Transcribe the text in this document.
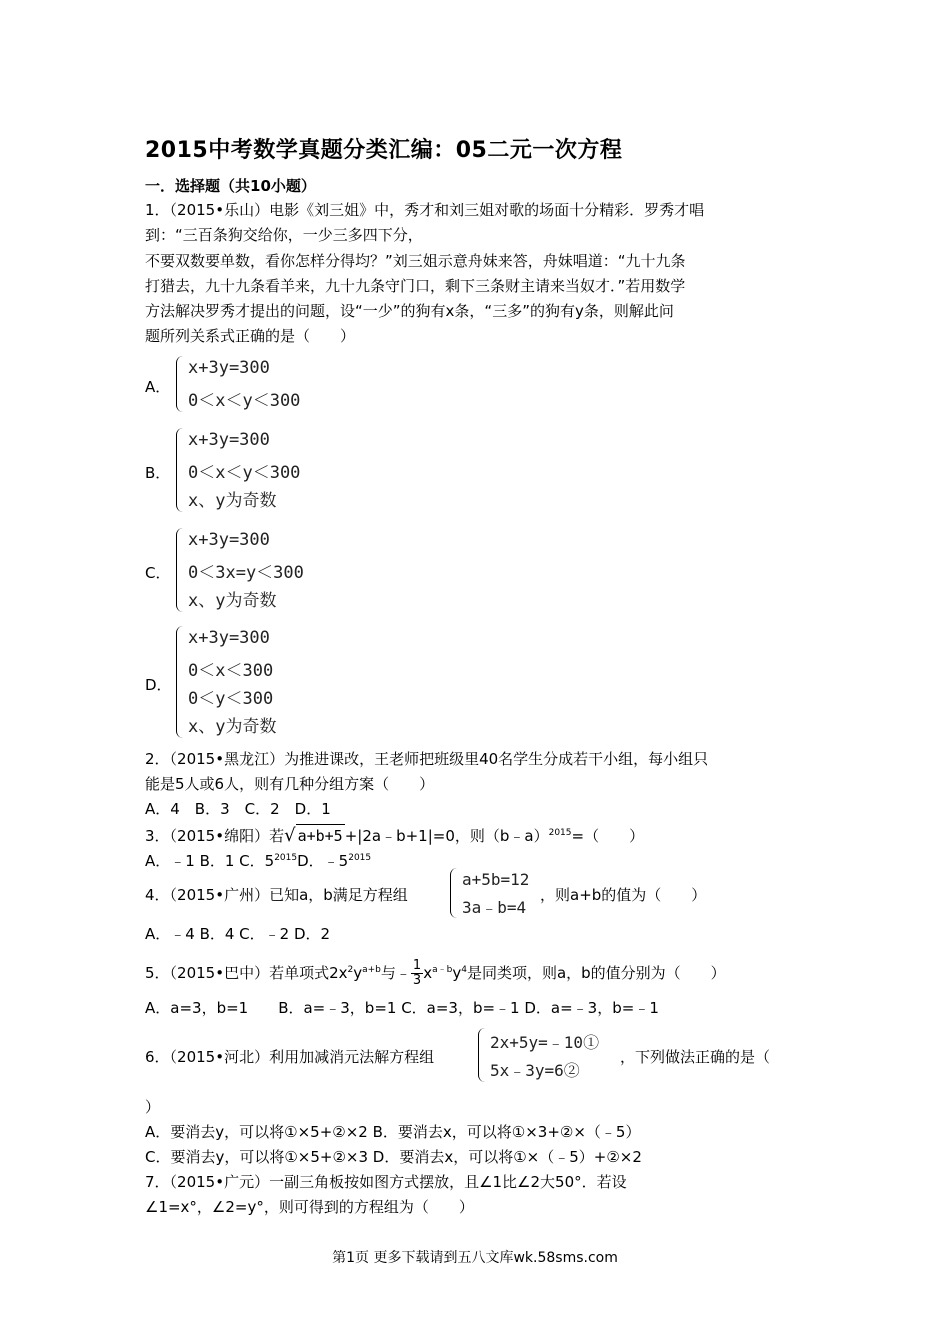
2015中考数学真题分类汇编：05二元一次方程
一．选择题（共10小题）
1．（2015•乐山）电影《刘三姐》中，秀才和刘三姐对歌的场面十分精彩．罗秀才唱
到：“三百条狗交给你，一少三多四下分，
不要双数要单数，看你怎样分得均？”刘三姐示意舟妹来答，舟妹唱道：“九十九条
打猎去，九十九条看羊来，九十九条守门口，剩下三条财主请来当奴才．”若用数学
方法解决罗秀才提出的问题，设“一少”的狗有x条，“三多”的狗有y条，则解此问
题所列关系式正确的是（　　）
A．
x+3y=300
0＜x＜y＜300
B．
x+3y=300
0＜x＜y＜300
x、y为奇数
C．
x+3y=300
0＜3x=y＜300
x、y为奇数
D．
x+3y=300
0＜x＜300
0＜y＜300
x、y为奇数
2．（2015•黑龙江）为推进课改，王老师把班级里40名学生分成若干小组，每小组只
能是5人或6人，则有几种分组方案（　　）
A．4　B．3　C．2　D．1
3．（2015•绵阳）若√ a+b+5 +|2a﹣b+1|=0，则（b﹣a）$^{2015}$=（　　）
A．﹣1 B．1 C．$5^{2015}D$．$﹣5^{2015}$
4．（2015•广州）已知a，b满足方程组
a+5b=12
3a﹣b=4
，则a+b的值为（　　）
A．﹣4 B．4 C．﹣2 D．2
5．（2015•巴中）若单项式$2x^2y^{a+b}$与﹣ $\frac{1}{3} x^{a﹣b}y^4$是同类项，则a，b的值分别为（　　）
A．a=3，b=1　　B．a=﹣3，b=1 C．a=3，b=﹣1 D．a=﹣3，b=﹣1
6．（2015•河北）利用加减消元法解方程组
2x+5y=﹣10①
5x﹣3y=6②
，下列做法正确的是（
）
A．要消去y，可以将①×5+②×2 B．要消去x，可以将①×3+②×（﹣5）
C．要消去y，可以将①×5+②×3 D．要消去x，可以将①×（﹣5）+②×2
7．（2015•广元）一副三角板按如图方式摆放，且∠1比∠2大50°．若设
∠1=x°，∠2=y°，则可得到的方程组为（　　）
第1页 更多下载请到五八文库wk.58sms.com
